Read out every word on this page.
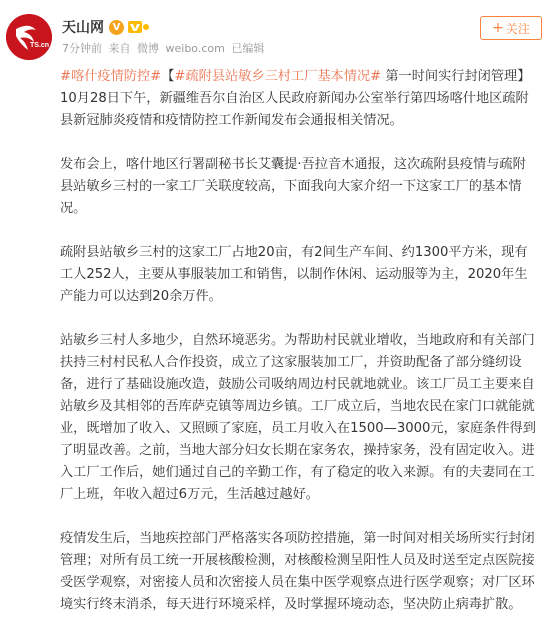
TS.cn
天山网 V
7分钟前 来自 微博 weibo.com 已编辑
+ 关注

#喀什疫情防控#【#疏附县站敏乡三村工厂基本情况# 第一时间实行封闭管理】
10月28日下午，新疆维吾尔自治区人民政府新闻办公室举行第四场喀什地区疏附县新冠肺炎疫情和疫情防控工作新闻发布会通报相关情况。

发布会上，喀什地区行署副秘书长艾囊提·吾拉音木通报，这次疏附县疫情与疏附县站敏乡三村的一家工厂关联度较高，下面我向大家介绍一下这家工厂的基本情况。

疏附县站敏乡三村的这家工厂占地20亩，有2间生产车间、约1300平方米，现有工人252人，主要从事服装加工和销售，以制作休闲、运动服等为主，2020年生产能力可以达到20余万件。

站敏乡三村人多地少，自然环境恶劣。为帮助村民就业增收，当地政府和有关部门扶持三村村民私人合作投资，成立了这家服装加工厂，并资助配备了部分缝纫设备，进行了基础设施改造，鼓励公司吸纳周边村民就地就业。该工厂员工主要来自站敏乡及其相邻的吾库萨克镇等周边乡镇。工厂成立后，当地农民在家门口就能就业，既增加了收入、又照顾了家庭，员工月收入在1500—3000元，家庭条件得到了明显改善。之前，当地大部分妇女长期在家务农，操持家务，没有固定收入。进入工厂工作后，她们通过自己的辛勤工作，有了稳定的收入来源。有的夫妻同在工厂上班，年收入超过6万元，生活越过越好。

疫情发生后，当地疾控部门严格落实各项防控措施，第一时间对相关场所实行封闭管理；对所有员工统一开展核酸检测，对核酸检测呈阳性人员及时送至定点医院接受医学观察，对密接人员和次密接人员在集中医学观察点进行医学观察；对厂区环境实行终末消杀，每天进行环境采样，及时掌握环境动态，坚决防止病毒扩散。
